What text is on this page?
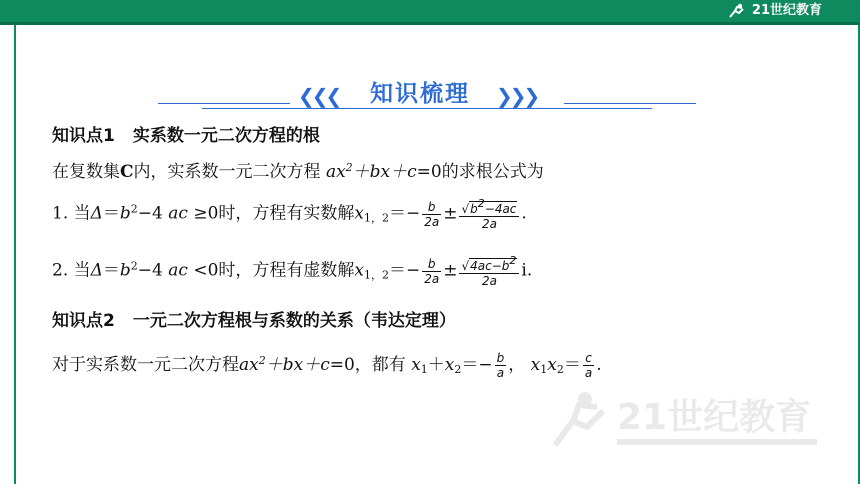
21世纪教育
❮❮❮ 知识梳理 ❯❯❯
知识点1 实系数一元二次方程的根
在复数集C内，实系数一元二次方程 $ax^2+bx+c=0$的求根公式为
1. 当$\Delta=b^2-4$ ac ≥0时，方程有实数解$x_{1,2}=- \frac{b}{2a} \pm \frac{√b^2-4ac}{2a}$ .
2. 当$\Delta=b^2-4$ ac <0时，方程有虚数解$x_{1,2}=- \frac{b}{2a} \pm \frac{√4ac-b^2}{2a} i$.
知识点2 一元二次方程根与系数的关系（韦达定理）
对于实系数一元二次方程$ax^2+bx+c=0$，都有 $x_1+x_2=- \frac{b}{a}$ ， $x_1x_2= \frac{c}{a}$ .
21世纪教育
